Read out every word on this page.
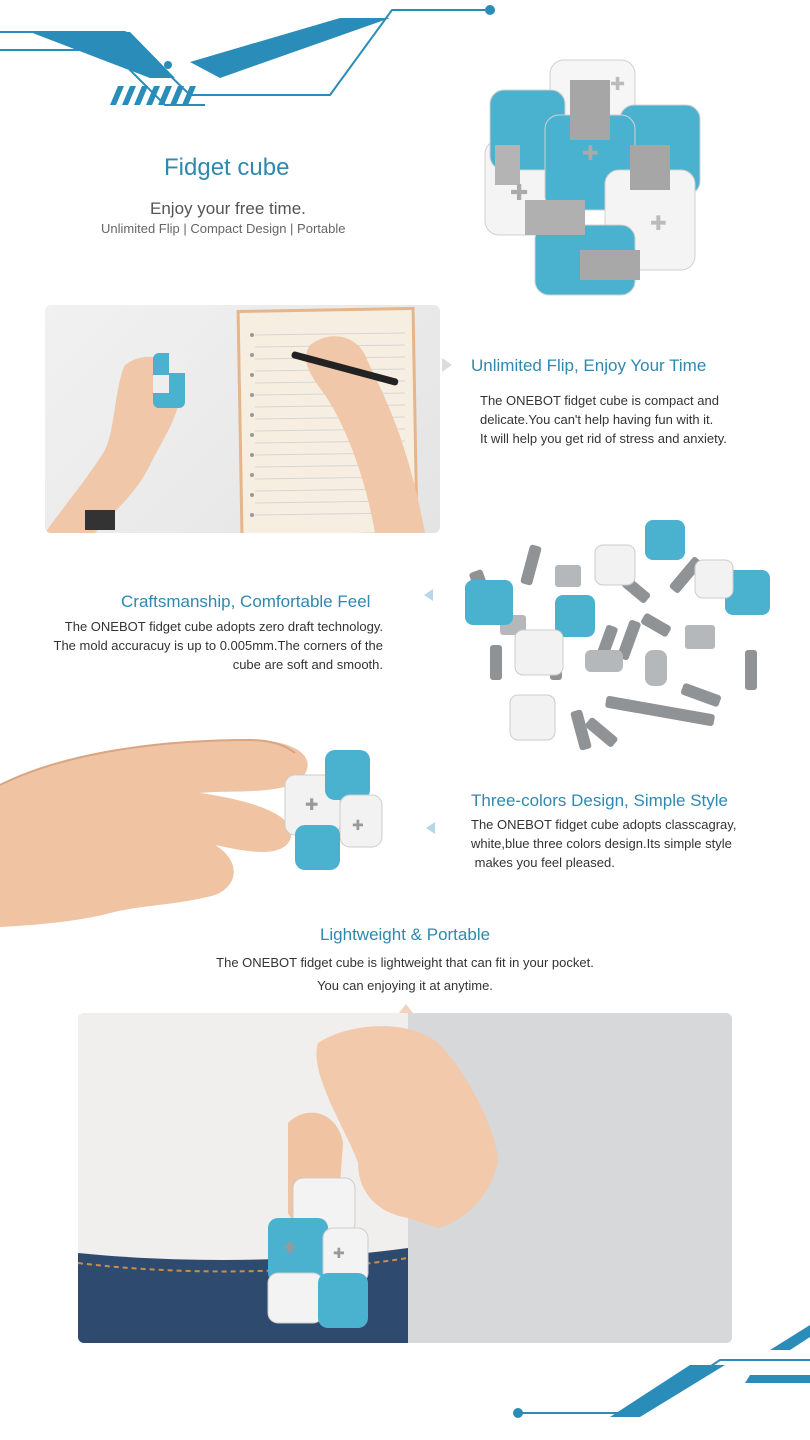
Fidget cube
Enjoy your free time.
Unlimited Flip | Compact Design | Portable
✚
✚
✚
✚
Unlimited Flip, Enjoy Your Time
The ONEBOT fidget cube is compact and
delicate.You can't help having fun with it.
It will help you get rid of stress and anxiety.
Craftsmanship, Comfortable Feel
The ONEBOT fidget cube adopts zero draft technology.
The mold accuracuy is up to 0.005mm.The corners of the
cube are soft and smooth.
✚
✚
Three-colors Design, Simple Style
The ONEBOT fidget cube adopts classcagray,
white,blue three colors design.Its simple style
makes you feel pleased.
Lightweight & Portable
The ONEBOT fidget cube is lightweight that can fit in your pocket.
You can enjoying it at anytime.
✚	✚
